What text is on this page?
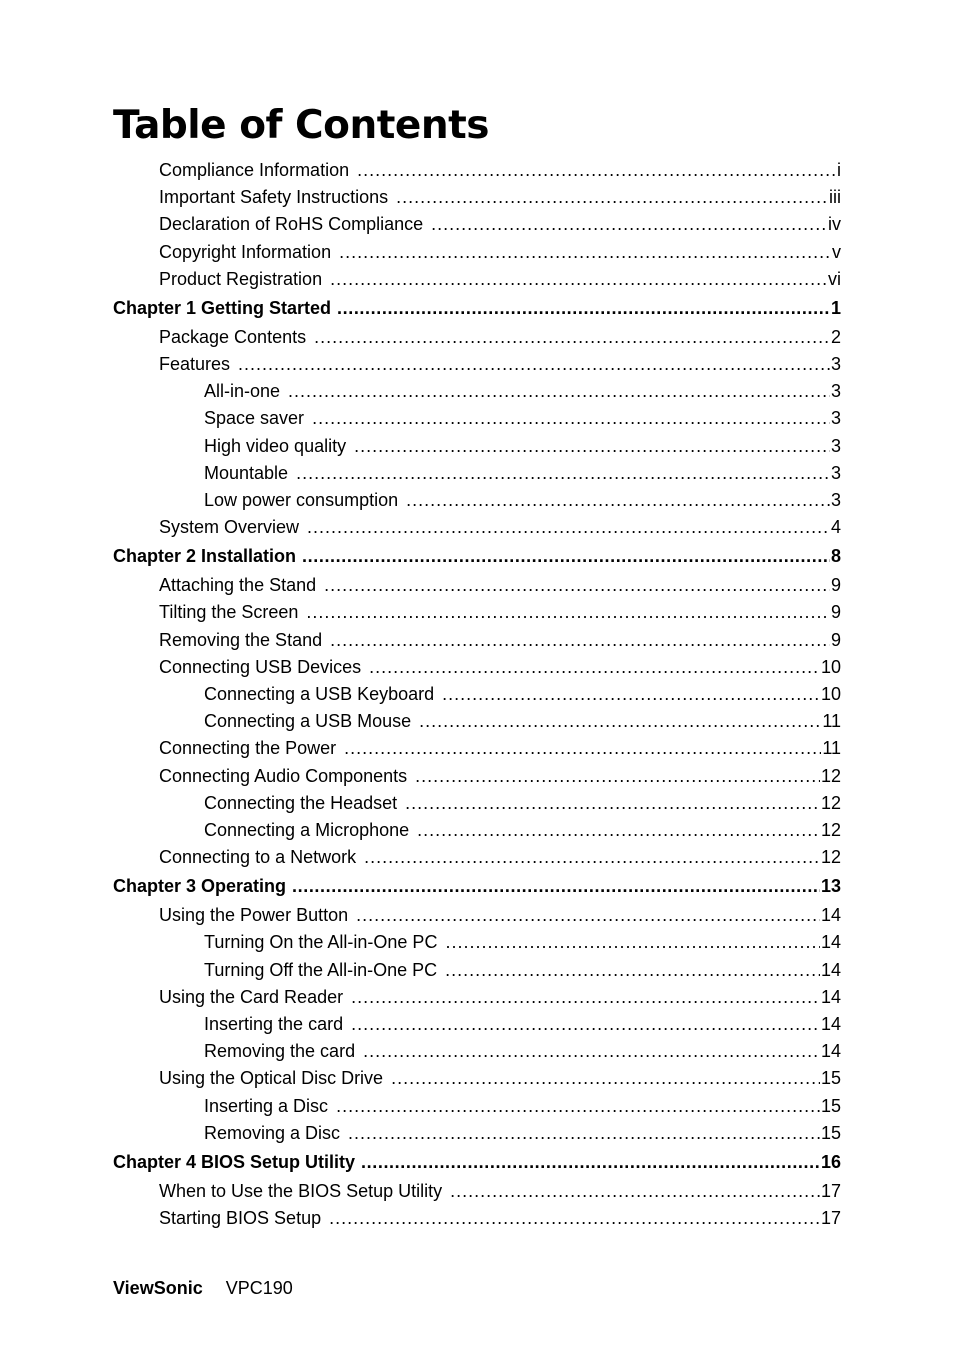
Table of Contents
Compliance Information .....	i
Important Safety Instructions .....	iii
Declaration of RoHS Compliance .....	iv
Copyright Information .....	v
Product Registration .....	vi
Chapter 1 Getting Started .....	1
Package Contents .....	2
Features .....	3
All-in-one .....	3
Space saver .....	3
High video quality .....	3
Mountable .....	3
Low power consumption .....	3
System Overview .....	4
Chapter 2 Installation .....	8
Attaching the Stand .....	9
Tilting the Screen .....	9
Removing the Stand .....	9
Connecting USB Devices .....	10
Connecting a USB Keyboard .....	10
Connecting a USB Mouse .....	11
Connecting the Power .....	11
Connecting Audio Components .....	12
Connecting the Headset .....	12
Connecting a Microphone .....	12
Connecting to a Network .....	12
Chapter 3 Operating .....	13
Using the Power Button .....	14
Turning On the All-in-One PC .....	14
Turning Off the All-in-One PC .....	14
Using the Card Reader .....	14
Inserting the card .....	14
Removing the card .....	14
Using the Optical Disc Drive .....	15
Inserting a Disc .....	15
Removing a Disc .....	15
Chapter 4 BIOS Setup Utility .....	16
When to Use the BIOS Setup Utility .....	17
Starting BIOS Setup .....	17
ViewSonic VPC190
